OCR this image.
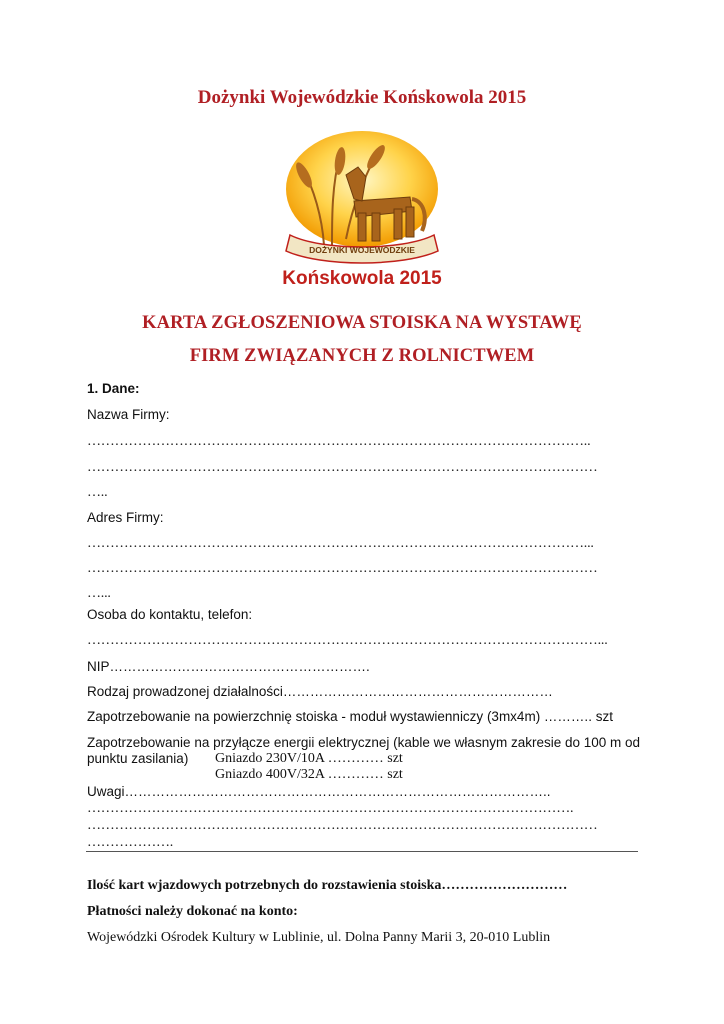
Dożynki Wojewódzkie Końskowola 2015
DOŻYNKI WOJEWÓDZKIE
Końskowola 2015
KARTA ZGŁOSZENIOWA STOISKA NA WYSTAWĘ
FIRM ZWIĄZANYCH Z ROLNICTWEM
1. Dane:
Nazwa Firmy:
………………………………………………………………………………………………..
…………………………………………………………………………………………………
…..
Adres Firmy:
………………………………………………………………………………………………...
…………………………………………………………………………………………………
…...
Osoba do kontaktu, telefon:
…………………………………………………………………………………………………...
NIP………………………………………………….
Rodzaj prowadzonej działalności……………………………………………………
Zapotrzebowanie na powierzchnię stoiska - moduł wystawienniczy (3mx4m) ……….. szt
Zapotrzebowanie na przyłącze energii elektrycznej (kable we własnym zakresie do 100 m od
punktu zasilania) Gniazdo 230V/10A ………… szt
Gniazdo 400V/32A ………… szt
Uwagi…………………………………………………………………………………..
…………………………………………………………………………………………….
…………………………………………………………………………………………………
……………….
Ilość kart wjazdowych potrzebnych do rozstawienia stoiska………………………
Płatności należy dokonać na konto:
Wojewódzki Ośrodek Kultury w Lublinie, ul. Dolna Panny Marii 3, 20-010 Lublin
